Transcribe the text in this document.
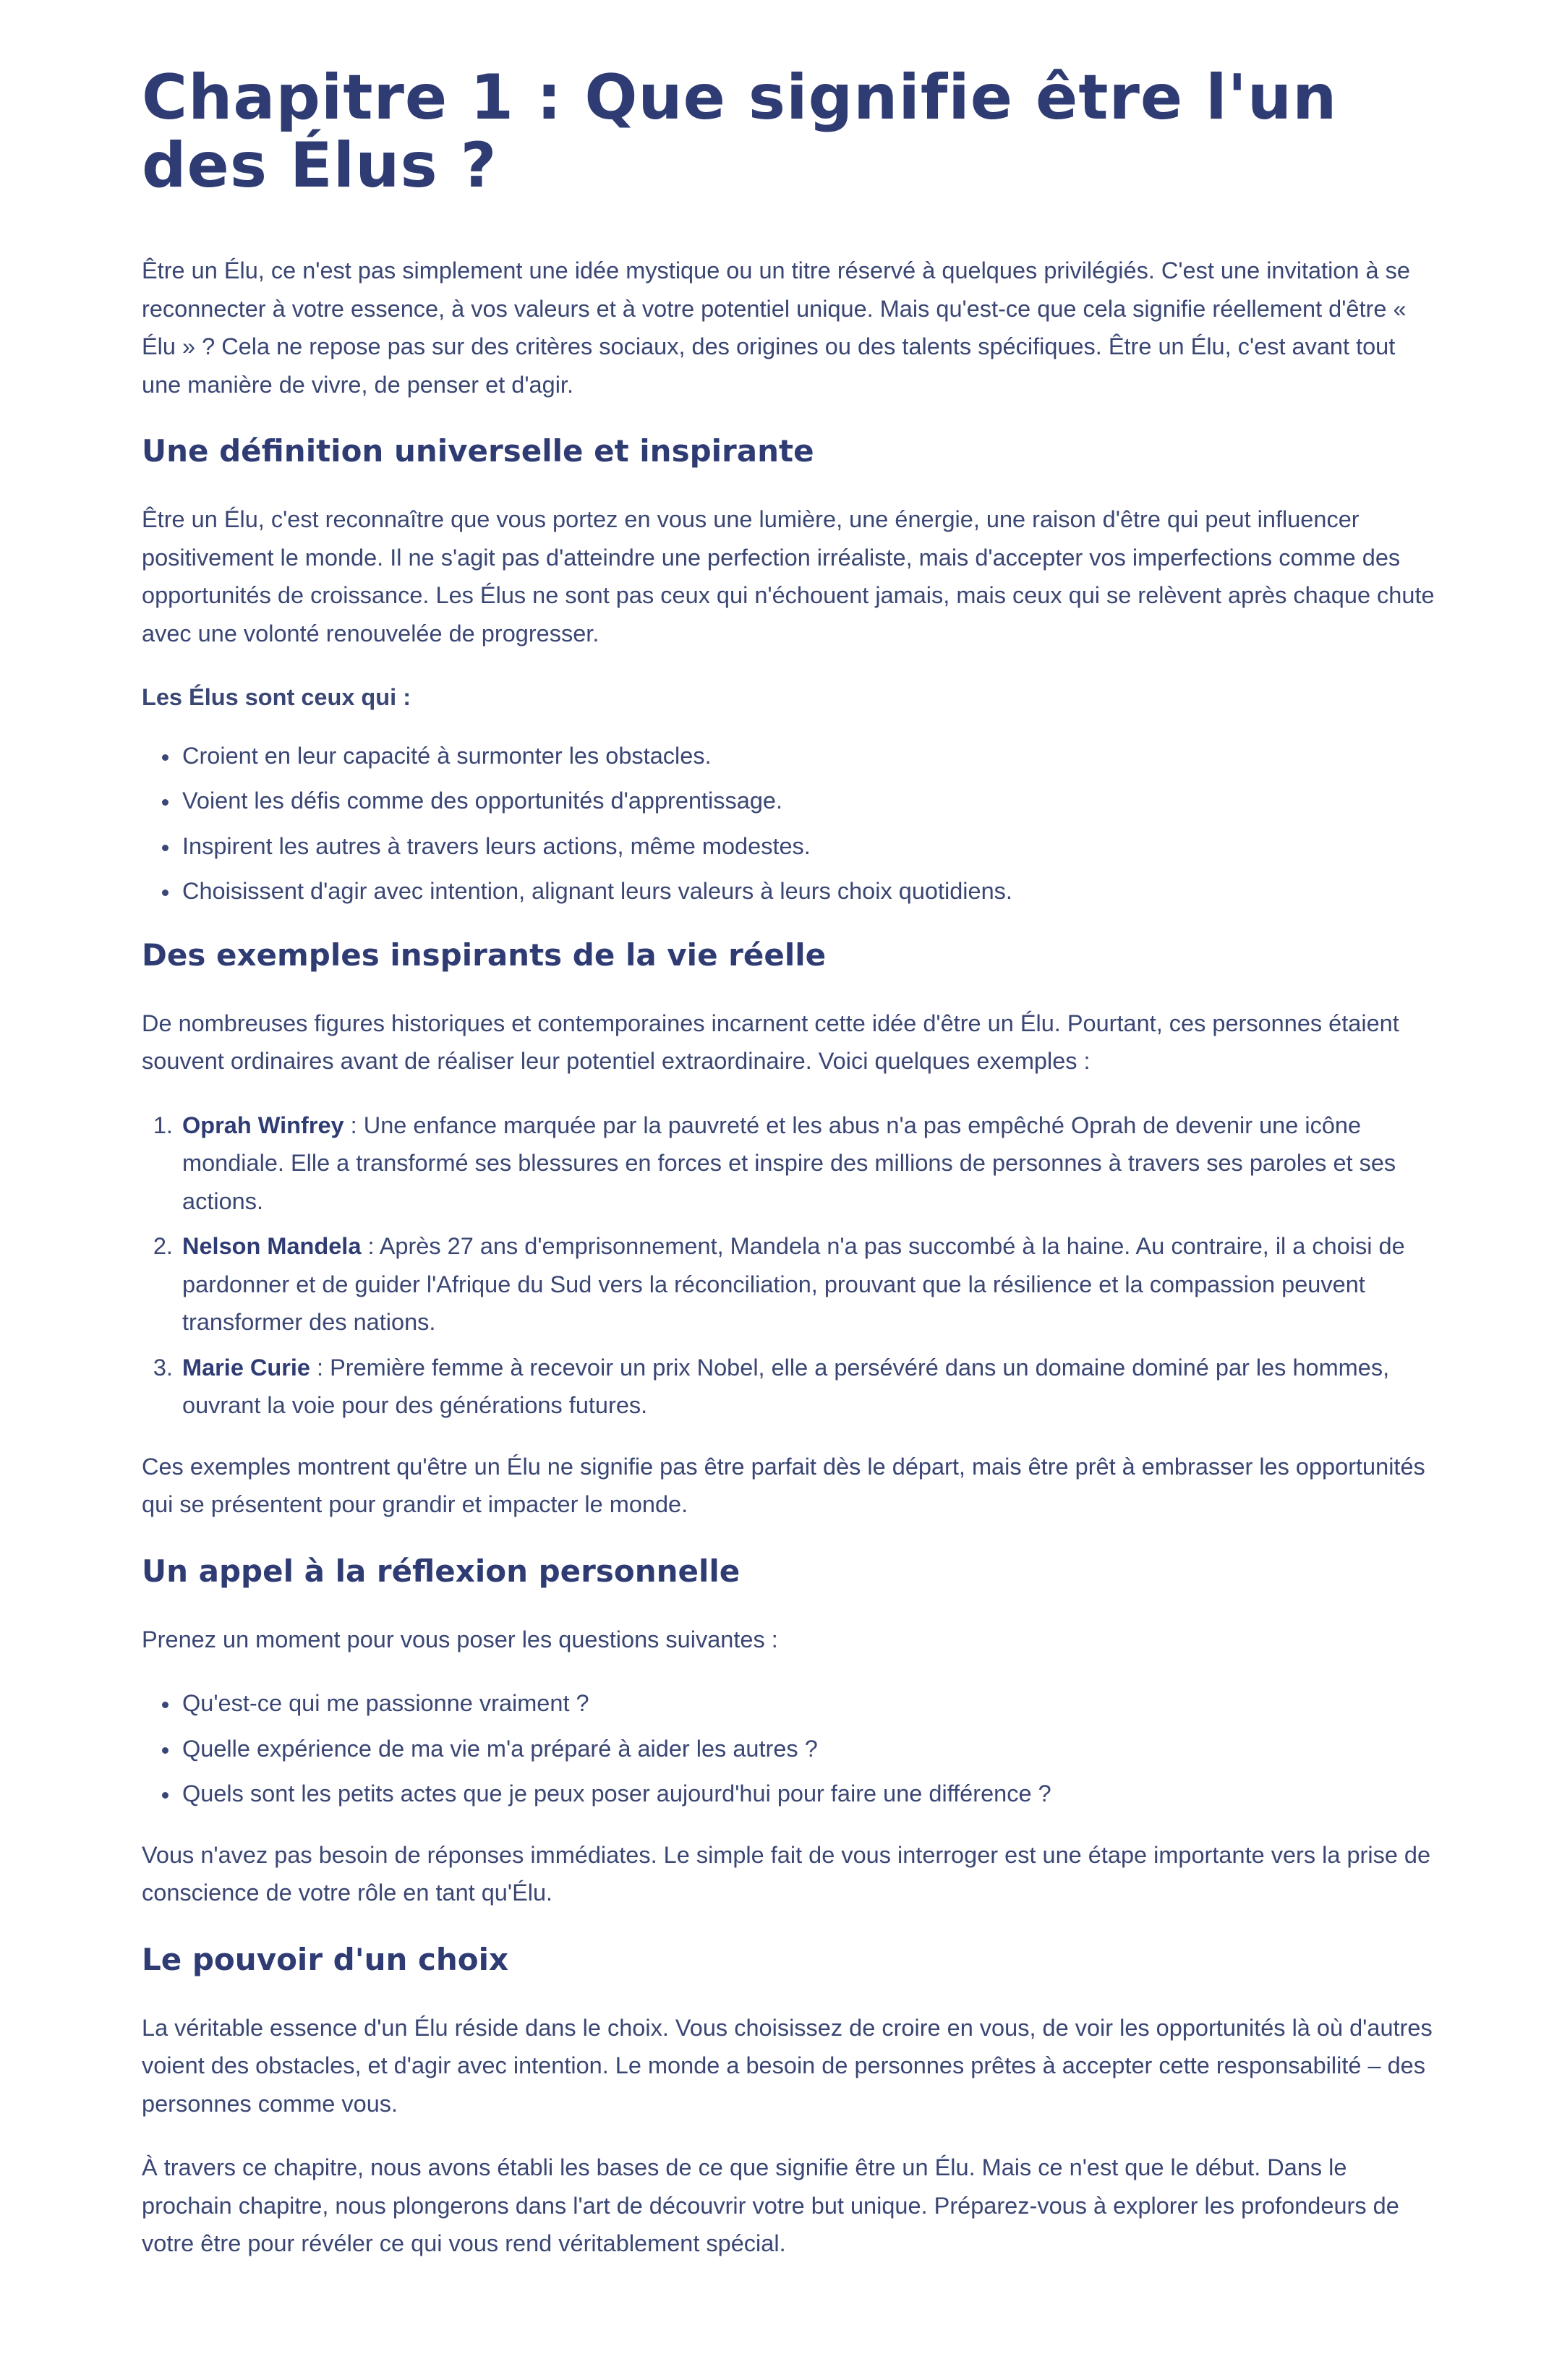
Chapitre 1 : Que signifie être l'un des Élus ?

Être un Élu, ce n'est pas simplement une idée mystique ou un titre réservé à quelques privilégiés. C'est une invitation à se reconnecter à votre essence, à vos valeurs et à votre potentiel unique. Mais qu'est-ce que cela signifie réellement d'être « Élu » ? Cela ne repose pas sur des critères sociaux, des origines ou des talents spécifiques. Être un Élu, c'est avant tout une manière de vivre, de penser et d'agir.

Une définition universelle et inspirante

Être un Élu, c'est reconnaître que vous portez en vous une lumière, une énergie, une raison d'être qui peut influencer positivement le monde. Il ne s'agit pas d'atteindre une perfection irréaliste, mais d'accepter vos imperfections comme des opportunités de croissance. Les Élus ne sont pas ceux qui n'échouent jamais, mais ceux qui se relèvent après chaque chute avec une volonté renouvelée de progresser.

Les Élus sont ceux qui :

• Croient en leur capacité à surmonter les obstacles.
• Voient les défis comme des opportunités d'apprentissage.
• Inspirent les autres à travers leurs actions, même modestes.
• Choisissent d'agir avec intention, alignant leurs valeurs à leurs choix quotidiens.
Des exemples inspirants de la vie réelle

De nombreuses figures historiques et contemporaines incarnent cette idée d'être un Élu. Pourtant, ces personnes étaient souvent ordinaires avant de réaliser leur potentiel extraordinaire. Voici quelques exemples :

1. Oprah Winfrey : Une enfance marquée par la pauvreté et les abus n'a pas empêché Oprah de devenir une icône mondiale. Elle a transformé ses blessures en forces et inspire des millions de personnes à travers ses paroles et ses actions.
2. Nelson Mandela : Après 27 ans d'emprisonnement, Mandela n'a pas succombé à la haine. Au contraire, il a choisi de pardonner et de guider l'Afrique du Sud vers la réconciliation, prouvant que la résilience et la compassion peuvent transformer des nations.
3. Marie Curie : Première femme à recevoir un prix Nobel, elle a persévéré dans un domaine dominé par les hommes, ouvrant la voie pour des générations futures.

Ces exemples montrent qu'être un Élu ne signifie pas être parfait dès le départ, mais être prêt à embrasser les opportunités qui se présentent pour grandir et impacter le monde.

Un appel à la réflexion personnelle

Prenez un moment pour vous poser les questions suivantes :

• Qu'est-ce qui me passionne vraiment ?
• Quelle expérience de ma vie m'a préparé à aider les autres ?
• Quels sont les petits actes que je peux poser aujourd'hui pour faire une différence ?

Vous n'avez pas besoin de réponses immédiates. Le simple fait de vous interroger est une étape importante vers la prise de conscience de votre rôle en tant qu'Élu.

Le pouvoir d'un choix

La véritable essence d'un Élu réside dans le choix. Vous choisissez de croire en vous, de voir les opportunités là où d'autres voient des obstacles, et d'agir avec intention. Le monde a besoin de personnes prêtes à accepter cette responsabilité – des personnes comme vous.

À travers ce chapitre, nous avons établi les bases de ce que signifie être un Élu. Mais ce n'est que le début. Dans le prochain chapitre, nous plongerons dans l'art de découvrir votre but unique. Préparez-vous à explorer les profondeurs de votre être pour révéler ce qui vous rend véritablement spécial.
